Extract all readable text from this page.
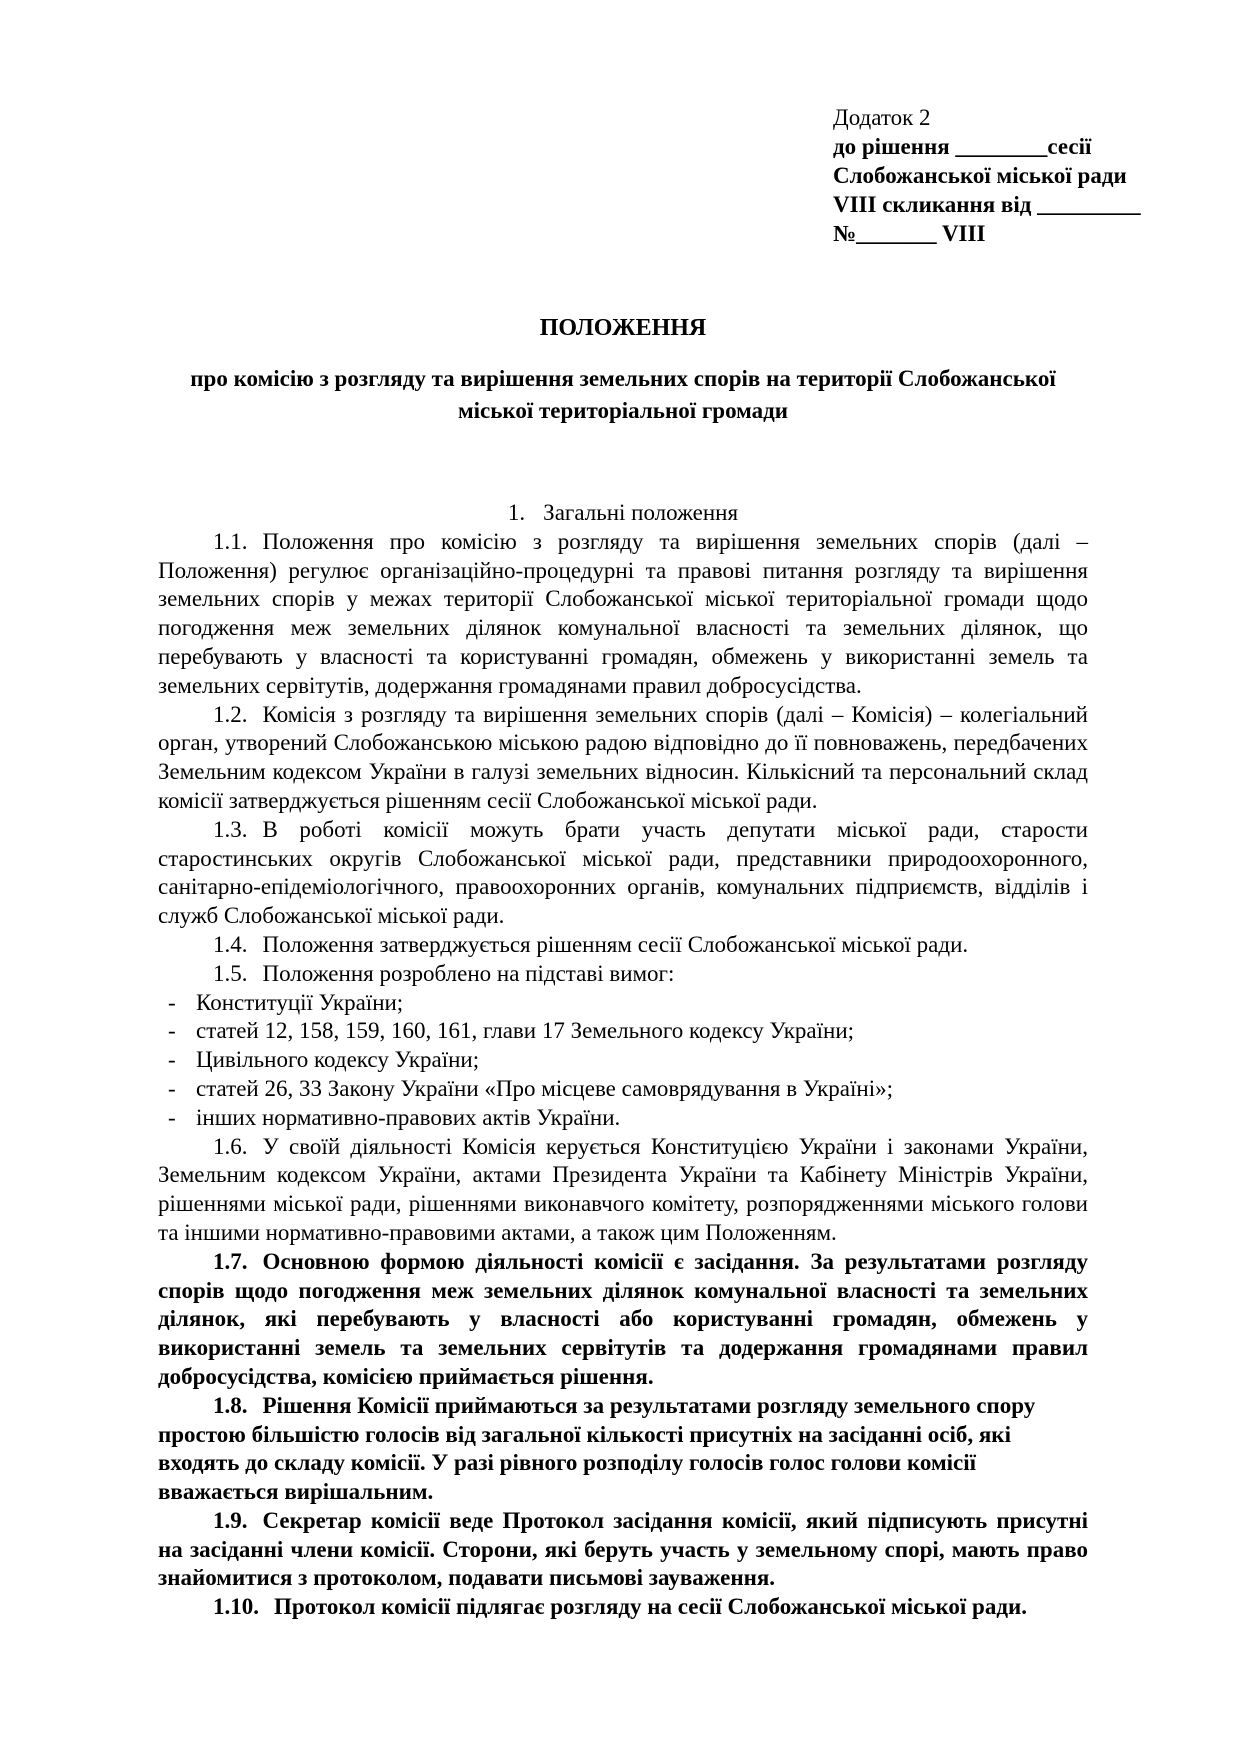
Додаток 2
до рішення ________сесії
Слобожанської міської ради
VIII скликання від _________
№_______ VIII
ПОЛОЖЕННЯ
про комісію з розгляду та вирішення земельних спорів на території Слобожанської міської територіальної громади
1. Загальні положення

1.1. Положення про комісію з розгляду та вирішення земельних спорів (далі – Положення) регулює організаційно-процедурні та правові питання розгляду та вирішення земельних спорів у межах території Слобожанської міської територіальної громади щодо погодження меж земельних ділянок комунальної власності та земельних ділянок, що перебувають у власності та користуванні громадян, обмежень у використанні земель та земельних сервітутів, додержання громадянами правил добросусідства.

1.2. Комісія з розгляду та вирішення земельних спорів (далі – Комісія) – колегіальний орган, утворений Слобожанською міською радою відповідно до її повноважень, передбачених Земельним кодексом України в галузі земельних відносин. Кількісний та персональний склад комісії затверджується рішенням сесії Слобожанської міської ради.

1.3. В роботі комісії можуть брати участь депутати міської ради, старости старостинських округів Слобожанської міської ради, представники природоохоронного, санітарно-епідеміологічного, правоохоронних органів, комунальних підприємств, відділів і служб Слобожанської міської ради.

1.4. Положення затверджується рішенням сесії Слобожанської міської ради.

1.5. Положення розроблено на підставі вимог:

- Конституції України;

- статей 12, 158, 159, 160, 161, глави 17 Земельного кодексу України;

- Цивільного кодексу України;

- статей 26, 33 Закону України «Про місцеве самоврядування в Україні»;

- інших нормативно-правових актів України.

1.6. У своїй діяльності Комісія керується Конституцією України і законами України, Земельним кодексом України, актами Президента України та Кабінету Міністрів України, рішеннями міської ради, рішеннями виконавчого комітету, розпорядженнями міського голови та іншими нормативно-правовими актами, а також цим Положенням.

1.7. Основною формою діяльності комісії є засідання. За результатами розгляду спорів щодо погодження меж земельних ділянок комунальної власності та земельних ділянок, які перебувають у власності або користуванні громадян, обмежень у використанні земель та земельних сервітутів та додержання громадянами правил добросусідства, комісією приймається рішення.

1.8. Рішення Комісії приймаються за результатами розгляду земельного спору простою більшістю голосів від загальної кількості присутніх на засіданні осіб, які входять до складу комісії. У разі рівного розподілу голосів голос голови комісії вважається вирішальним.

1.9. Секретар комісії веде Протокол засідання комісії, який підписують присутні на засіданні члени комісії. Сторони, які беруть участь у земельному спорі, мають право знайомитися з протоколом, подавати письмові зауваження.

1.10. Протокол комісії підлягає розгляду на сесії Слобожанської міської ради.
